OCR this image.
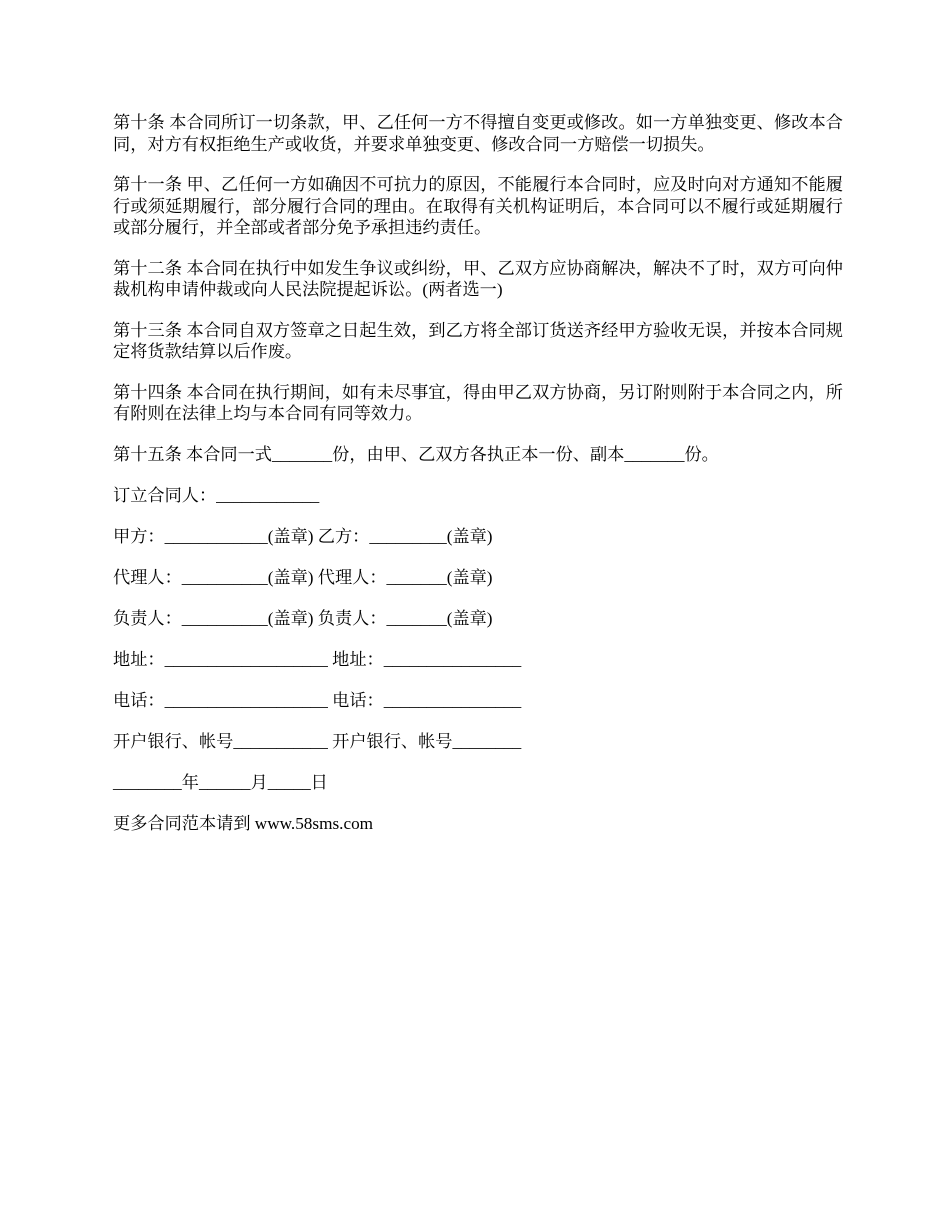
第十条 本合同所订一切条款，甲、乙任何一方不得擅自变更或修改。如一方单独变更、修改本合同，对方有权拒绝生产或收货，并要求单独变更、修改合同一方赔偿一切损失。

第十一条 甲、乙任何一方如确因不可抗力的原因，不能履行本合同时，应及时向对方通知不能履行或须延期履行，部分履行合同的理由。在取得有关机构证明后，本合同可以不履行或延期履行或部分履行，并全部或者部分免予承担违约责任。

第十二条 本合同在执行中如发生争议或纠纷，甲、乙双方应协商解决，解决不了时，双方可向仲裁机构申请仲裁或向人民法院提起诉讼。(两者选一)

第十三条 本合同自双方签章之日起生效，到乙方将全部订货送齐经甲方验收无误，并按本合同规定将货款结算以后作废。

第十四条 本合同在执行期间，如有未尽事宜，得由甲乙双方协商，另订附则附于本合同之内，所有附则在法律上均与本合同有同等效力。

第十五条 本合同一式_______份，由甲、乙双方各执正本一份、副本_______份。

订立合同人：____________

甲方：____________(盖章) 乙方：_________(盖章)

代理人：__________(盖章) 代理人：_______(盖章)

负责人：__________(盖章) 负责人：_______(盖章)

地址：___________________ 地址：________________

电话：___________________ 电话：________________

开户银行、帐号___________ 开户银行、帐号________

________年______月_____日

更多合同范本请到 www.58sms.com
